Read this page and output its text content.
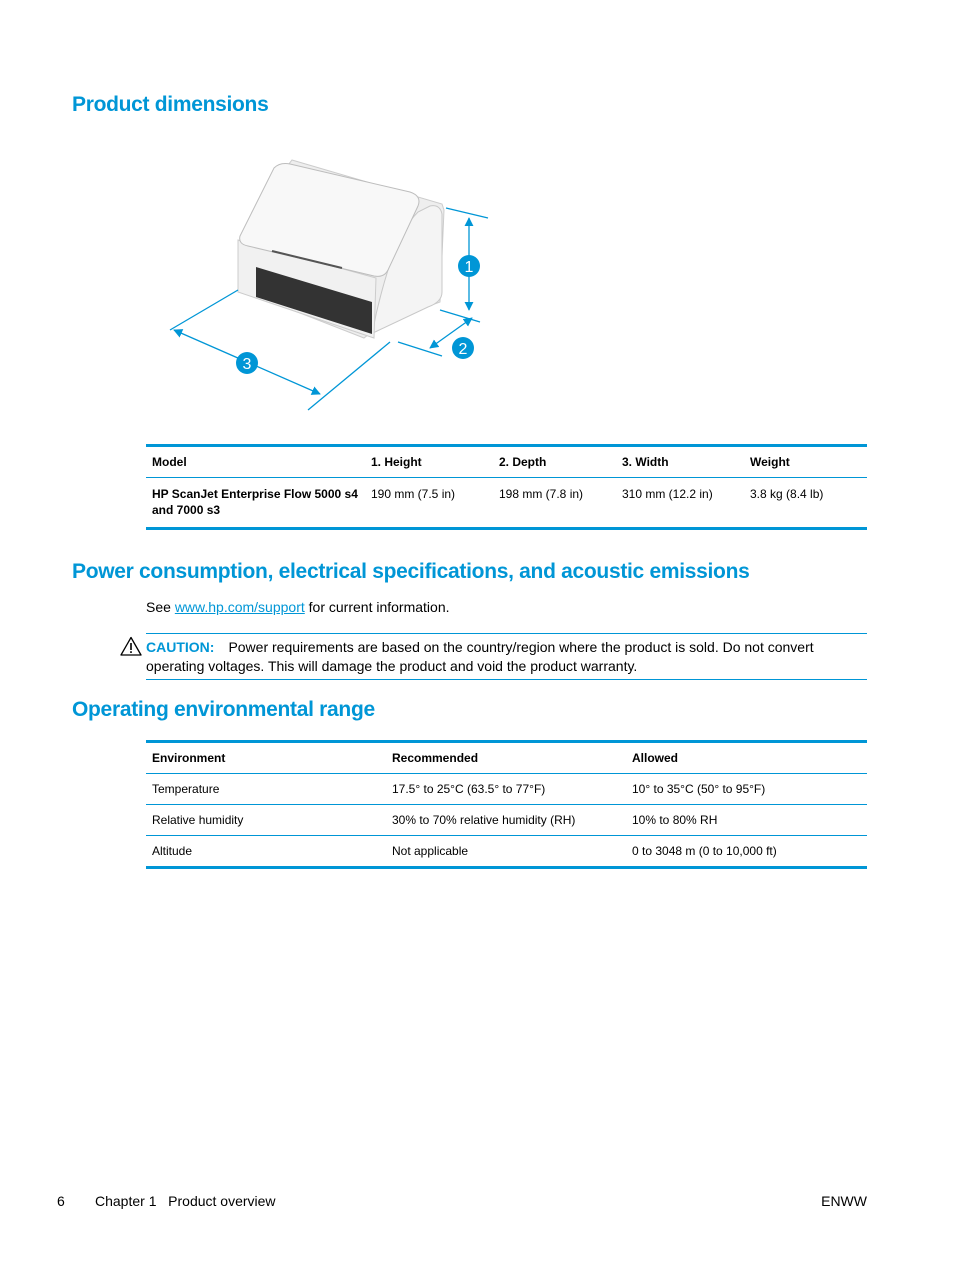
Product dimensions
1
2
3
Model	1. Height	2. Depth	3. Width	Weight
HP ScanJet Enterprise Flow 5000 s4 and 7000 s3	190 mm (7.5 in)	198 mm (7.8 in)	310 mm (12.2 in)	3.8 kg (8.4 lb)
Power consumption, electrical specifications, and acoustic emissions
See www.hp.com/support for current information.
CAUTION: Power requirements are based on the country/region where the product is sold. Do not convert operating voltages. This will damage the product and void the product warranty.
Operating environmental range
Environment	Recommended	Allowed
Temperature	17.5° to 25°C (63.5° to 77°F)	10° to 35°C (50° to 95°F)
Relative humidity	30% to 70% relative humidity (RH)	10% to 80% RH
Altitude	Not applicable	0 to 3048 m (0 to 10,000 ft)
6 Chapter 1   Product overview	ENWW
